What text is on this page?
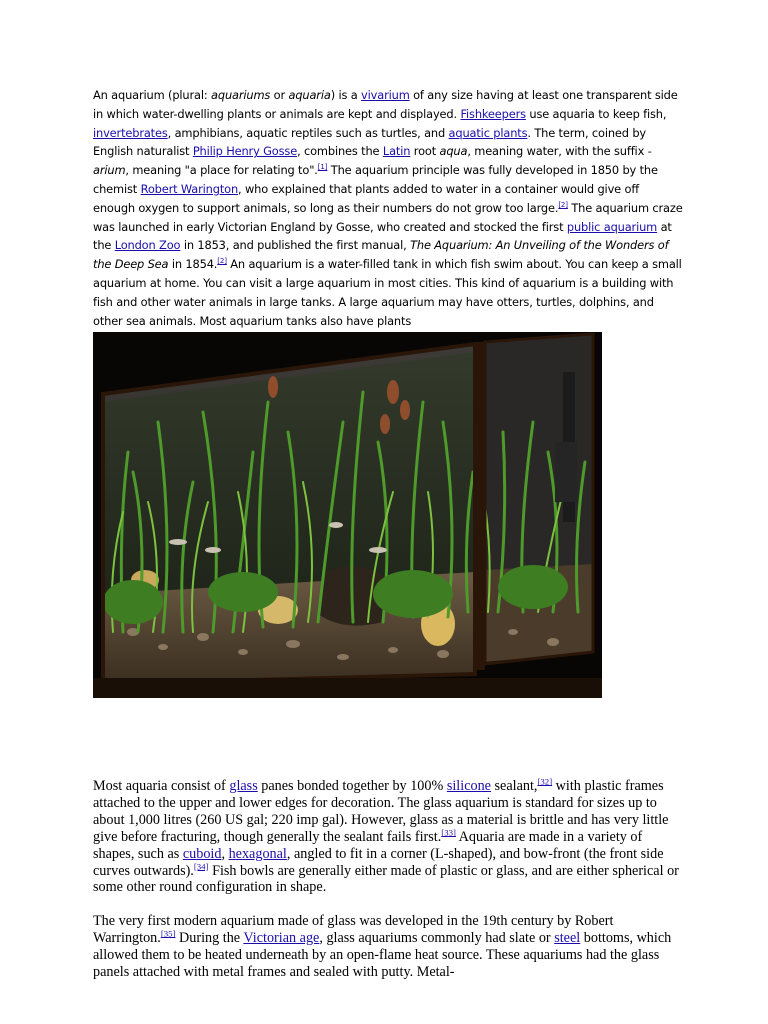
An aquarium (plural: aquariums or aquaria) is a vivarium of any size having at least one transparent side in which water-dwelling plants or animals are kept and displayed. Fishkeepers use aquaria to keep fish, invertebrates, amphibians, aquatic reptiles such as turtles, and aquatic plants. The term, coined by English naturalist Philip Henry Gosse, combines the Latin root aqua, meaning water, with the suffix -arium, meaning "a place for relating to".[1] The aquarium principle was fully developed in 1850 by the chemist Robert Warington, who explained that plants added to water in a container would give off enough oxygen to support animals, so long as their numbers do not grow too large.[2] The aquarium craze was launched in early Victorian England by Gosse, who created and stocked the first public aquarium at the London Zoo in 1853, and published the first manual, The Aquarium: An Unveiling of the Wonders of the Deep Sea in 1854.[2] An aquarium is a water-filled tank in which fish swim about. You can keep a small aquarium at home. You can visit a large aquarium in most cities. This kind of aquarium is a building with fish and other water animals in large tanks. A large aquarium may have otters, turtles, dolphins, and other sea animals. Most aquarium tanks also have plants
Most aquaria consist of glass panes bonded together by 100% silicone sealant,[32] with plastic frames attached to the upper and lower edges for decoration. The glass aquarium is standard for sizes up to about 1,000 litres (260 US gal; 220 imp gal). However, glass as a material is brittle and has very little give before fracturing, though generally the sealant fails first.[33] Aquaria are made in a variety of shapes, such as cuboid, hexagonal, angled to fit in a corner (L-shaped), and bow-front (the front side curves outwards).[34] Fish bowls are generally either made of plastic or glass, and are either spherical or some other round configuration in shape.
The very first modern aquarium made of glass was developed in the 19th century by Robert Warrington.[35] During the Victorian age, glass aquariums commonly had slate or steel bottoms, which allowed them to be heated underneath by an open-flame heat source. These aquariums had the glass panels attached with metal frames and sealed with putty. Metal-
